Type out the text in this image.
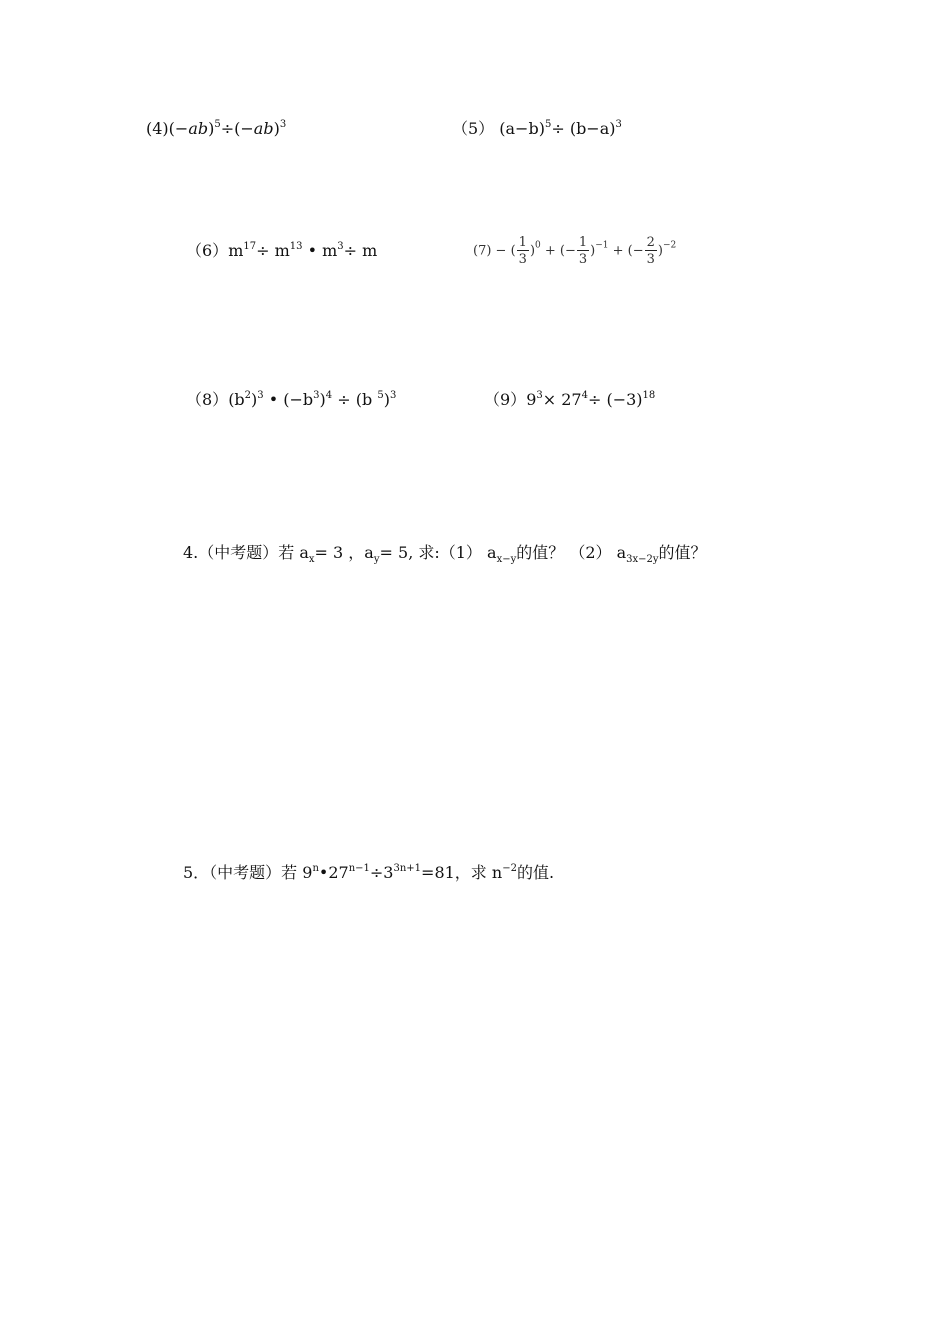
$(4)(-ab)^5\div(-ab)^3$	（5） $(a-b)^5\div (b-a)^3$
$(6)m^{17}\div m^{13}$ • $m^3\div m$	(7) − ( $\frac{1}{3} )^0$ + (− $\frac{1}{3} )^{-1}$ + (− $\frac{2}{3} )^{-2}$
$(8)(b^2)^3$ • $(-b^3)^4 \div (b$ $^5$)$^3$	$(9)9^3\times 27^4\div (-3)^{18}$
4.（中考题）若 $a_x= 3$ ，$a_y= 5$, 求:（1） $a_{x-y}$的值？ （2） $a_{3x-2y}$的值？
5．（中考题）若 $9^n•27^{n-1}\div 3^{3n+1}=81$，求 $n^{-2}$的值.
